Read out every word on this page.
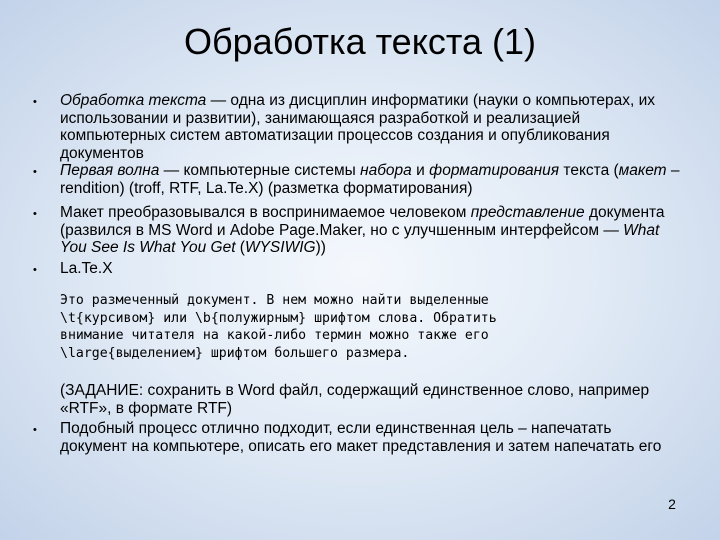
Обработка текста (1)
• Обработка текста — одна из дисциплин информатики (науки о компьютерах, их использовании и развитии), занимающаяся разработкой и реализацией компьютерных систем автоматизации процессов создания и опубликования документов
• Первая волна — компьютерные системы набора и форматирования текста (макет – rendition) (troff, RTF, La.Te.X) (разметка форматирования)
• Макет преобразовывался в воспринимаемое человеком представление документа (развился в MS Word и Adobe Page.Maker, но с улучшенным интерфейсом — What You See Is What You Get (WYSIWIG))
• La.Te.X
Это размеченный документ. В нем можно найти выделенные
\t{курсивом} или \b{полужирным} шрифтом слова. Обратить
внимание читателя на какой-либо термин можно также его
\large{выделением} шрифтом большего размера.
(ЗАДАНИЕ: сохранить в Word файл, содержащий единственное слово, например «RTF», в формате RTF)
• Подобный процесс отлично подходит, если единственная цель – напечатать документ на компьютере, описать его макет представления и затем напечатать его
2
